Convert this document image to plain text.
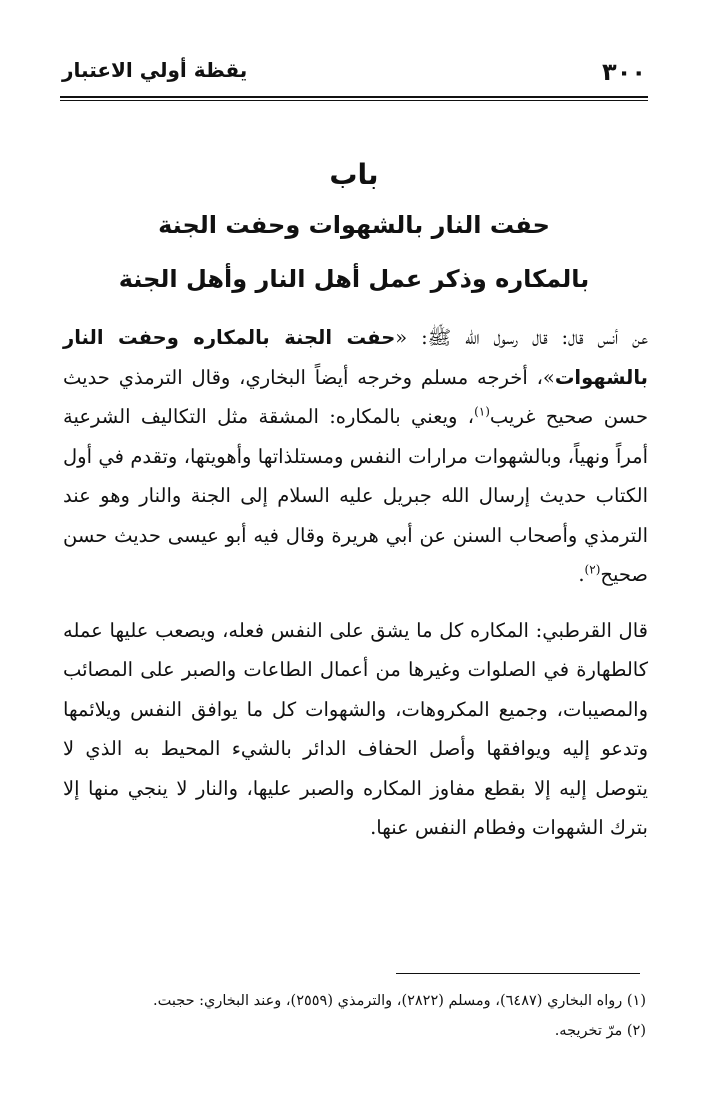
٣٠٠
يقظة أولي الاعتبار
باب
حفت النار بالشهوات وحفت الجنة
بالمكاره وذكر عمل أهل النار وأهل الجنة

عن أنس قال: قال رسول الله ﷺ: «حفت الجنة بالمكاره وحفت النار بالشهوات»، أخرجه مسلم وخرجه أيضاً البخاري، وقال الترمذي حديث حسن صحيح غريب$^{(١)}$، ويعني بالمكاره: المشقة مثل التكاليف الشرعية أمراً ونهياً، وبالشهوات مرارات النفس ومستلذاتها وأهويتها، وتقدم في أول الكتاب حديث إرسال الله جبريل عليه السلام إلى الجنة والنار وهو عند الترمذي وأصحاب السنن عن أبي هريرة وقال فيه أبو عيسى حديث حسن صحيح$^{(٢)}$.

قال القرطبي: المكاره كل ما يشق على النفس فعله، ويصعب عليها عمله كالطهارة في الصلوات وغيرها من أعمال الطاعات والصبر على المصائب والمصيبات، وجميع المكروهات، والشهوات كل ما يوافق النفس ويلائمها وتدعو إليه ويوافقها وأصل الحفاف الدائر بالشيء المحيط به الذي لا يتوصل إليه إلا بقطع مفاوز المكاره والصبر عليها، والنار لا ينجي منها إلا بترك الشهوات وفطام النفس عنها.

(١) رواه البخاري (٦٤٨٧)، ومسلم (٢٨٢٢)، والترمذي (٢٥٥٩)، وعند البخاري: حجبت.

(٢) مرّ تخريجه.
